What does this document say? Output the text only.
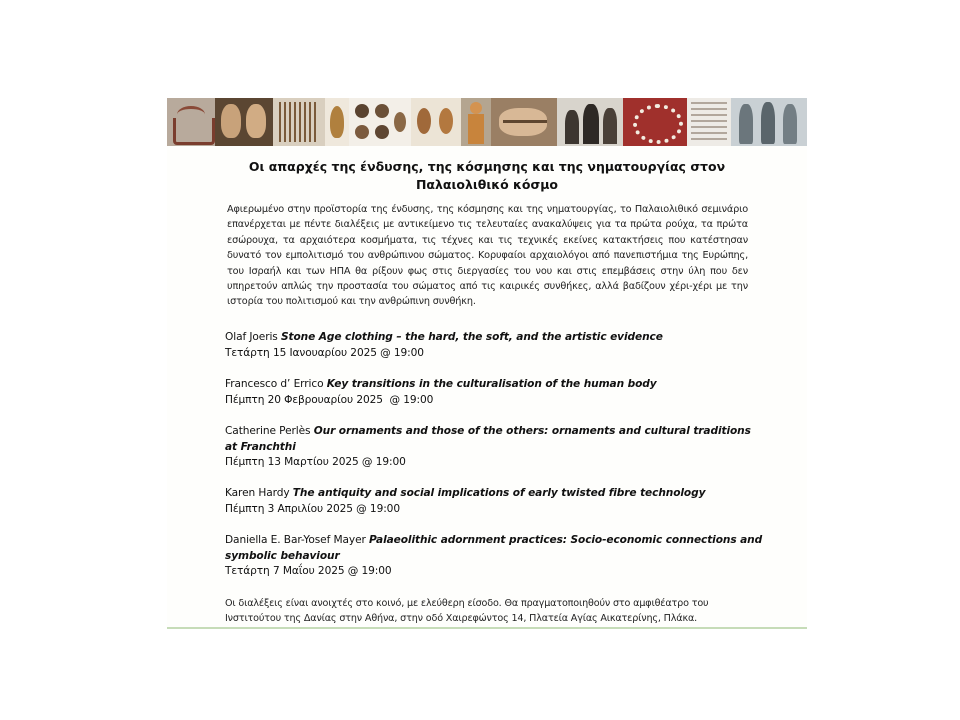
Οι απαρχές της ένδυσης, της κόσμησης και της νηματουργίας στον
Παλαιολιθικό κόσμο
Αφιερωμένο στην προϊστορία της ένδυσης, της κόσμησης και της νηματουργίας, το Παλαιολιθικό σεμινάριο επανέρχεται με πέντε διαλέξεις με αντικείμενο τις τελευταίες ανακαλύψεις για τα πρώτα ρούχα, τα πρώτα εσώρουχα, τα αρχαιότερα κοσμήματα, τις τέχνες και τις τεχνικές εκείνες κατακτήσεις που κατέστησαν δυνατό τον εμπολιτισμό του ανθρώπινου σώματος. Κορυφαίοι αρχαιολόγοι από πανεπιστήμια της Ευρώπης, του Ισραήλ και των ΗΠΑ θα ρίξουν φως στις διεργασίες του νου και στις επεμβάσεις στην ύλη που δεν υπηρετούν απλώς την προστασία του σώματος από τις καιρικές συνθήκες, αλλά βαδίζουν χέρι-χέρι με την ιστορία του πολιτισμού και την ανθρώπινη συνθήκη.
Olaf Joeris Stone Age clothing – the hard, the soft, and the artistic evidence
Τετάρτη 15 Ιανουαρίου 2025 @ 19:00
Francesco d’ Errico Key transitions in the culturalisation of the human body
Πέμπτη 20 Φεβρουαρίου 2025  @ 19:00
Catherine Perlès Our ornaments and those of the others: ornaments and cultural traditions at Franchthi
Πέμπτη 13 Μαρτίου 2025 @ 19:00
Karen Hardy The antiquity and social implications of early twisted fibre technology
Πέμπτη 3 Απριλίου 2025 @ 19:00
Daniella E. Bar-Yosef Mayer Palaeolithic adornment practices: Socio-economic connections and symbolic behaviour
Τετάρτη 7 Μαΐου 2025 @ 19:00
Οι διαλέξεις είναι ανοιχτές στο κοινό, με ελεύθερη είσοδο. Θα πραγματοποιηθούν στο αμφιθέατρο του Ινστιτούτου της Δανίας στην Αθήνα, στην οδό Χαιρεφώντος 14, Πλατεία Αγίας Αικατερίνης, Πλάκα.
